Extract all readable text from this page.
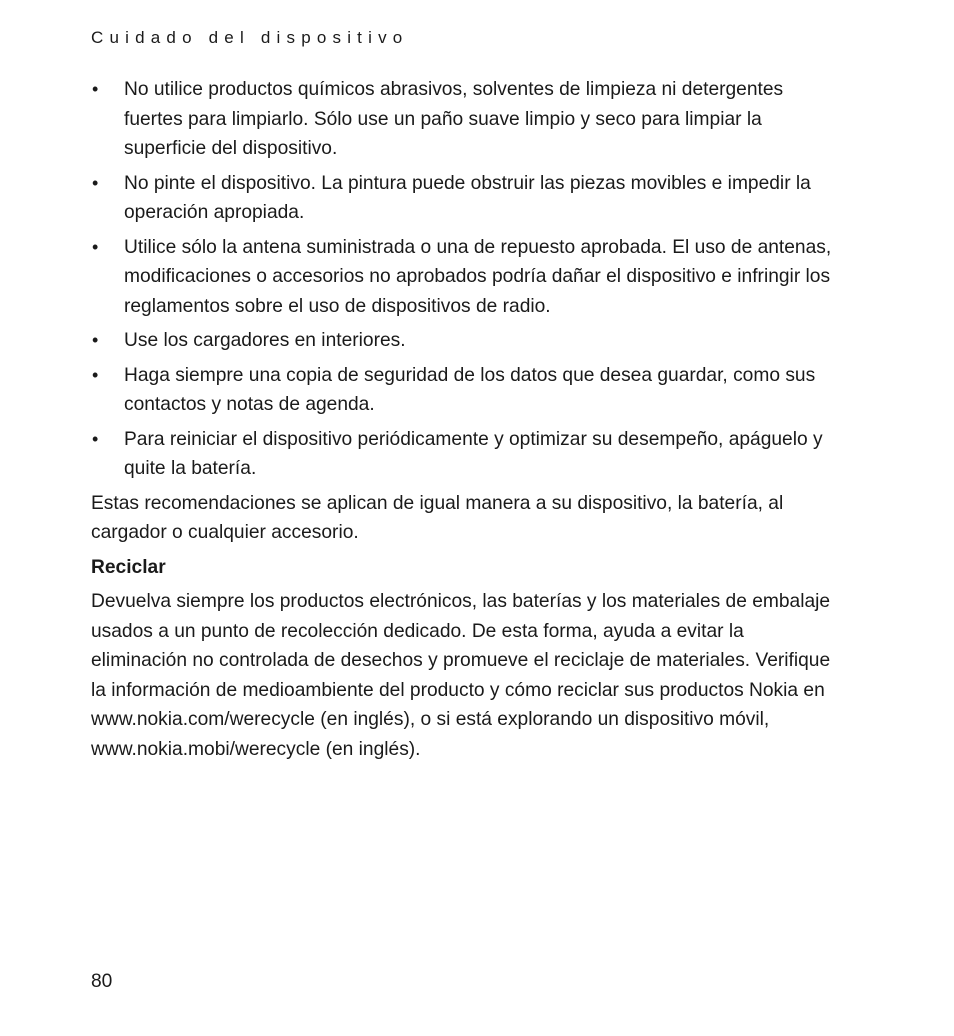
Cuidado del dispositivo
• No utilice productos químicos abrasivos, solventes de limpieza ni detergentes fuertes para limpiarlo. Sólo use un paño suave limpio y seco para limpiar la superficie del dispositivo.
• No pinte el dispositivo. La pintura puede obstruir las piezas movibles e impedir la operación apropiada.
• Utilice sólo la antena suministrada o una de repuesto aprobada. El uso de antenas, modificaciones o accesorios no aprobados podría dañar el dispositivo e infringir los reglamentos sobre el uso de dispositivos de radio.
• Use los cargadores en interiores.
• Haga siempre una copia de seguridad de los datos que desea guardar, como sus contactos y notas de agenda.
• Para reiniciar el dispositivo periódicamente y optimizar su desempeño, apáguelo y quite la batería.

Estas recomendaciones se aplican de igual manera a su dispositivo, la batería, al cargador o cualquier accesorio.

Reciclar

Devuelva siempre los productos electrónicos, las baterías y los materiales de embalaje usados a un punto de recolección dedicado. De esta forma, ayuda a evitar la eliminación no controlada de desechos y promueve el reciclaje de materiales. Verifique la información de medioambiente del producto y cómo reciclar sus productos Nokia en www.nokia.com/werecycle (en inglés), o si está explorando un dispositivo móvil, www.nokia.mobi/werecycle (en inglés).

80
